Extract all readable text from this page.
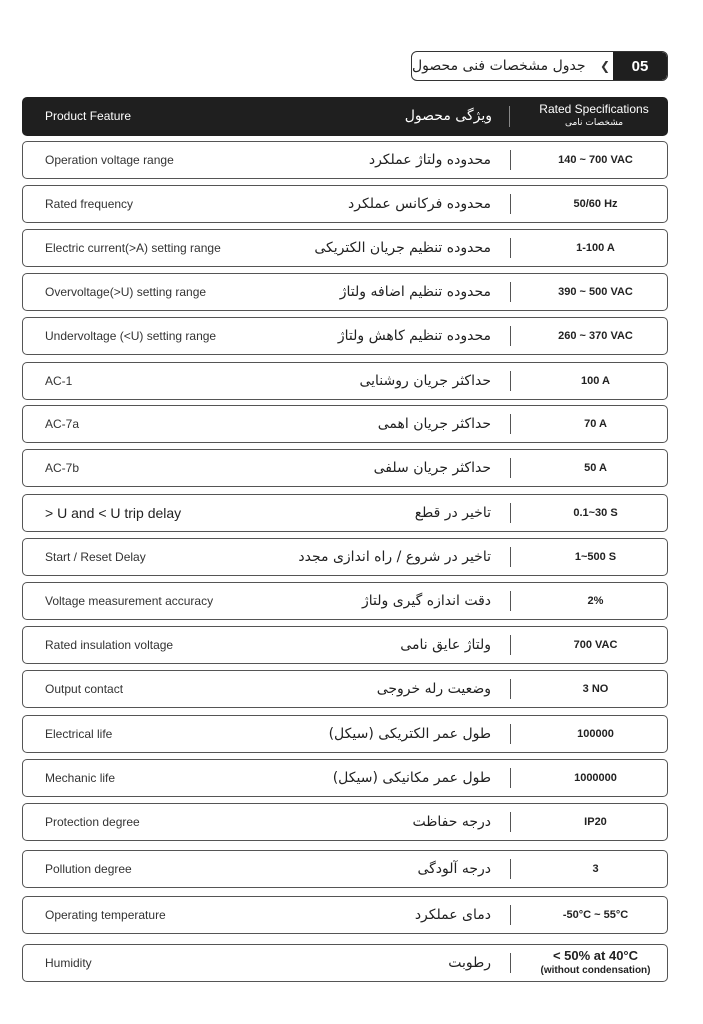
جدول مشخصات فنی محصول	❮	05
Product Feature	ویژگی محصول	Rated Specifications
مشخصات نامی
Operation voltage range	محدوده ولتاژ عملکرد	140 ~ 700 VAC
Rated frequency	محدوده فرکانس عملکرد	50/60 Hz
Electric current(>A) setting range	محدوده تنظیم جریان الکتریکی	1-100 A
Overvoltage(>U) setting range	محدوده تنظیم اضافه ولتاژ	390 ~ 500 VAC
Undervoltage (<U) setting range	محدوده تنظیم کاهش ولتاژ	260 ~ 370 VAC
AC-1	حداکثر جریان روشنایی	100 A
AC-7a	حداکثر جریان اهمی	70 A
AC-7b	حداکثر جریان سلفی	50 A
> U and < U trip delay	تاخیر در قطع	0.1~30 S
Start / Reset Delay	تاخیر در شروع / راه اندازی مجدد	1~500 S
Voltage measurement accuracy	دقت اندازه گیری ولتاژ	2%
Rated insulation voltage	ولتاژ عایق نامی	700 VAC
Output contact	وضعیت رله خروجی	3 NO
Electrical life	طول عمر الکتریکی (سیکل)	100000
Mechanic life	طول عمر مکانیکی (سیکل)	1000000
Protection degree	درجه حفاظت	IP20
Pollution degree	درجه آلودگی	3
Operating temperature	دمای عملکرد	-50°C ~ 55°C
Humidity	رطوبت	< 50% at 40°C
(without condensation)
